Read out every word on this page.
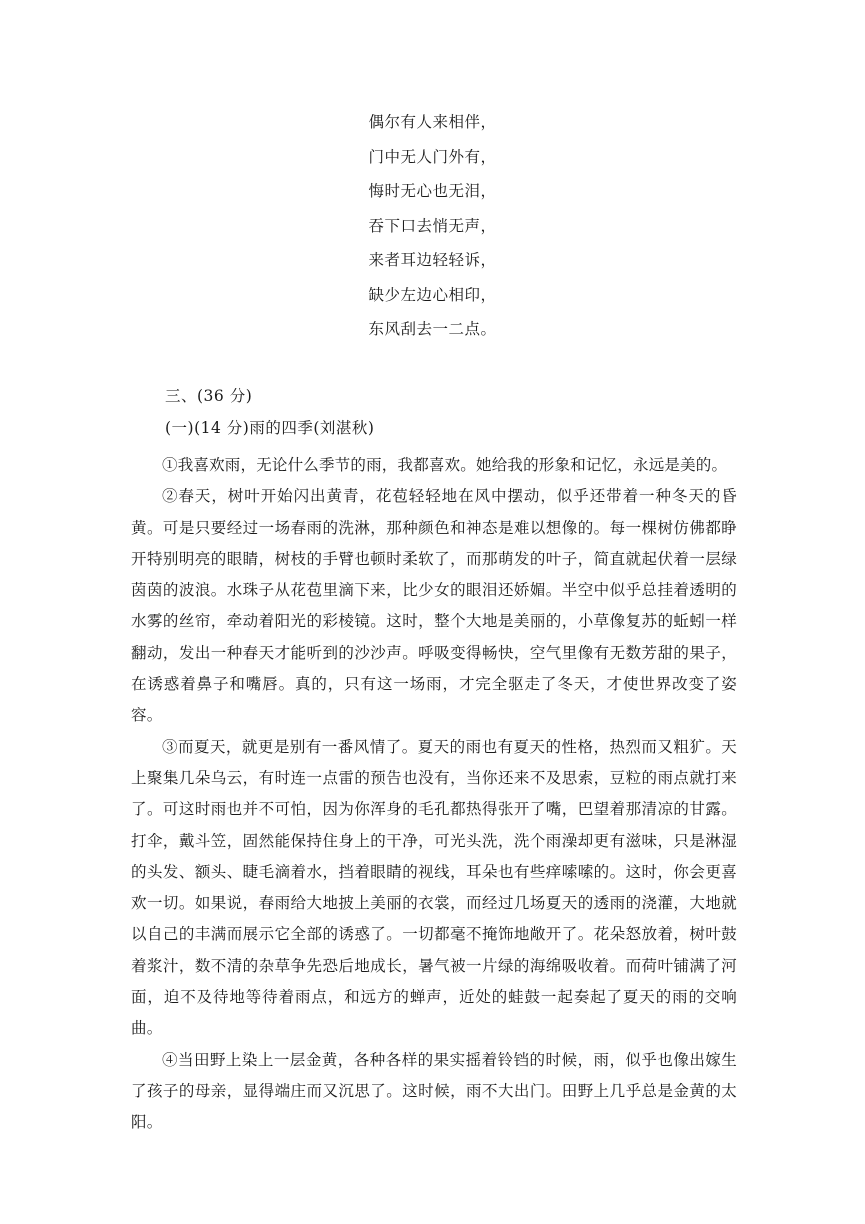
偶尔有人来相伴，
门中无人门外有，
悔时无心也无泪，
吞下口去悄无声，
来者耳边轻轻诉，
缺少左边心相印，
东风刮去一二点。
三、(36 分)
(一)(14 分)雨的四季(刘湛秋)

①我喜欢雨，无论什么季节的雨，我都喜欢。她给我的形象和记忆，永远是美的。

②春天，树叶开始闪出黄青，花苞轻轻地在风中摆动，似乎还带着一种冬天的昏黄。可是只要经过一场春雨的洗淋，那种颜色和神态是难以想像的。每一棵树仿佛都睁开特别明亮的眼睛，树枝的手臂也顿时柔软了，而那萌发的叶子，简直就起伏着一层绿茵茵的波浪。水珠子从花苞里滴下来，比少女的眼泪还娇媚。半空中似乎总挂着透明的水雾的丝帘，牵动着阳光的彩棱镜。这时，整个大地是美丽的，小草像复苏的蚯蚓一样翻动，发出一种春天才能听到的沙沙声。呼吸变得畅快，空气里像有无数芳甜的果子，在诱惑着鼻子和嘴唇。真的，只有这一场雨，才完全驱走了冬天，才使世界改变了姿容。

③而夏天，就更是别有一番风情了。夏天的雨也有夏天的性格，热烈而又粗犷。天上聚集几朵乌云，有时连一点雷的预告也没有，当你还来不及思索，豆粒的雨点就打来了。可这时雨也并不可怕，因为你浑身的毛孔都热得张开了嘴，巴望着那清凉的甘露。打伞，戴斗笠，固然能保持住身上的干净，可光头洗，洗个雨澡却更有滋味，只是淋湿的头发、额头、睫毛滴着水，挡着眼睛的视线，耳朵也有些痒嗦嗦的。这时，你会更喜欢一切。如果说，春雨给大地披上美丽的衣裳，而经过几场夏天的透雨的浇灌，大地就以自己的丰满而展示它全部的诱惑了。一切都毫不掩饰地敞开了。花朵怒放着，树叶鼓着浆汁，数不清的杂草争先恐后地成长，暑气被一片绿的海绵吸收着。而荷叶铺满了河面，迫不及待地等待着雨点，和远方的蝉声，近处的蛙鼓一起奏起了夏天的雨的交响曲。

④当田野上染上一层金黄，各种各样的果实摇着铃铛的时候，雨，似乎也像出嫁生了孩子的母亲，显得端庄而又沉思了。这时候，雨不大出门。田野上几乎总是金黄的太阳。
